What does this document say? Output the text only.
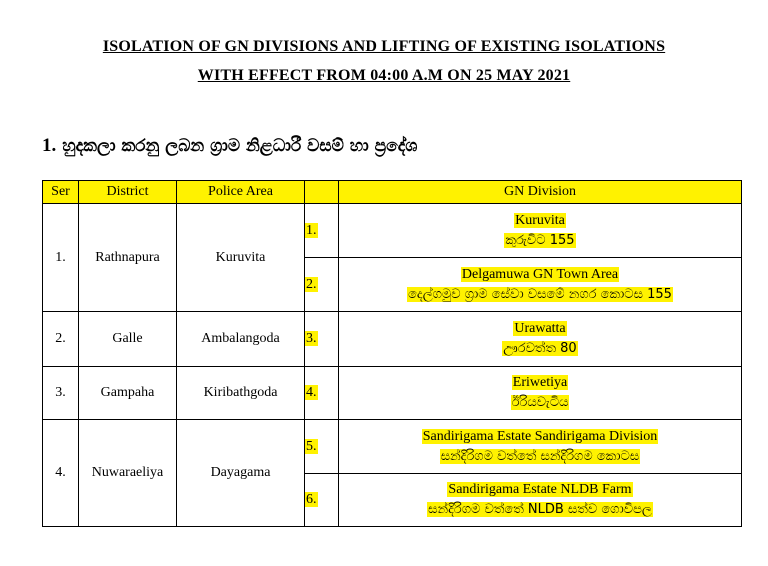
ISOLATION OF GN DIVISIONS AND LIFTING OF EXISTING ISOLATIONS
WITH EFFECT FROM 04:00 A.M ON 25 MAY 2021
1. හුදකලා කරනු ලබන ග්‍රාම නිළධාරී වසම් හා ප්‍රදේශ
Ser	District	Police Area		GN Division
1.	Rathnapura	Kuruvita	1.	Kuruvita
කුරුවිට 155
			2.	Delgamuwa GN Town Area
දෙල්ගමුව ග්‍රාම සේවා වසමේ නගර කොටස 155
2.	Galle	Ambalangoda	3.	Urawatta
ඌරවත්ත 80
3.	Gampaha	Kiribathgoda	4.	Eriwetiya
ඊරියවැටිය
4.	Nuwaraeliya	Dayagama	5.	Sandirigama Estate Sandirigama Division
සන්දිරිගම වත්තේ සන්දිරිගම කොටස
			6.	Sandirigama Estate NLDB Farm
සන්දිරිගම වත්තේ NLDB සත්ව ගොවිපල
